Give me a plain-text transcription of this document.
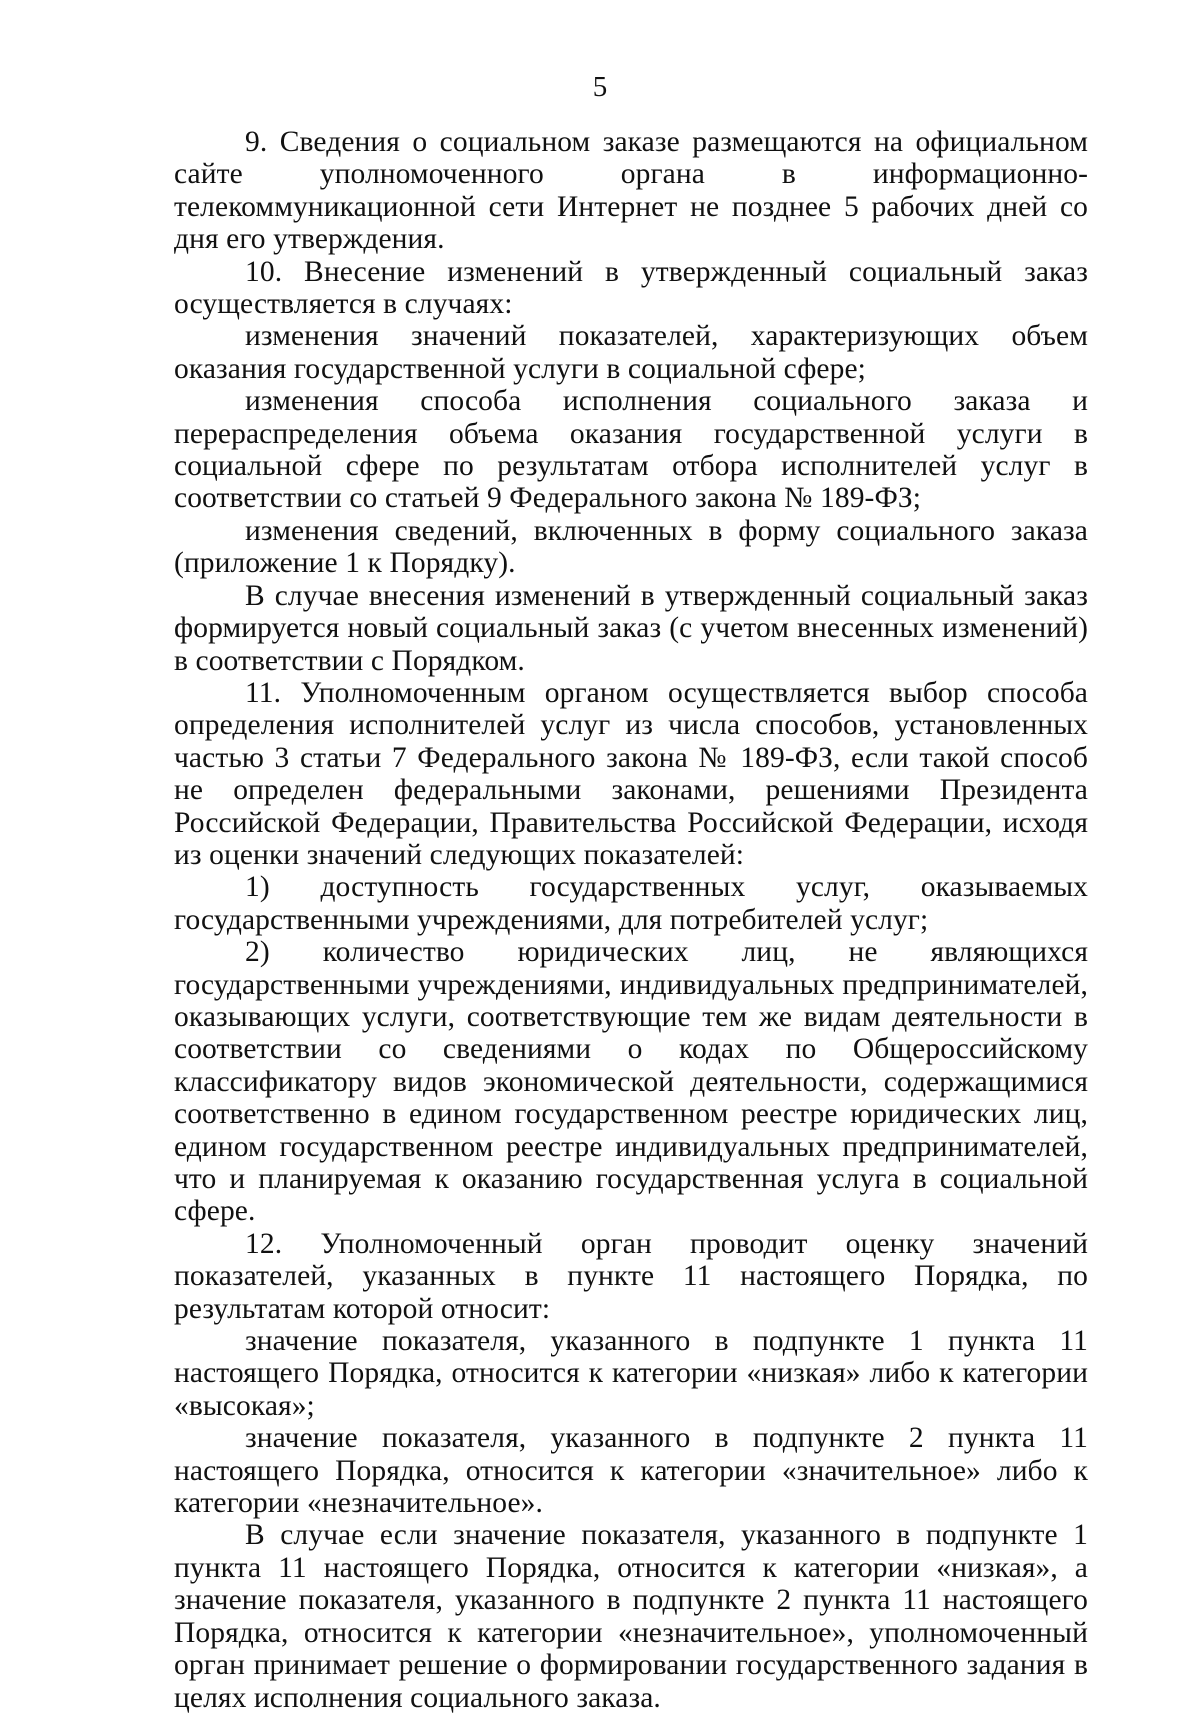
5

9. Сведения о социальном заказе размещаются на официальном сайте уполномоченного органа в информационно-телекоммуникационной сети Интернет не позднее 5 рабочих дней со дня его утверждения.

10. Внесение изменений в утвержденный социальный заказ осуществляется в случаях:

изменения значений показателей, характеризующих объем оказания государственной услуги в социальной сфере;

изменения способа исполнения социального заказа и перераспределения объема оказания государственной услуги в социальной сфере по результатам отбора исполнителей услуг в соответствии со статьей 9 Федерального закона № 189-ФЗ;

изменения сведений, включенных в форму социального заказа (приложение 1 к Порядку).

В случае внесения изменений в утвержденный социальный заказ формируется новый социальный заказ (с учетом внесенных изменений) в соответствии с Порядком.

11. Уполномоченным органом осуществляется выбор способа определения исполнителей услуг из числа способов, установленных частью 3 статьи 7 Федерального закона № 189-ФЗ, если такой способ не определен федеральными законами, решениями Президента Российской Федерации, Правительства Российской Федерации, исходя из оценки значений следующих показателей:

1) доступность государственных услуг, оказываемых государственными учреждениями, для потребителей услуг;

2) количество юридических лиц, не являющихся государственными учреждениями, индивидуальных предпринимателей, оказывающих услуги, соответствующие тем же видам деятельности в соответствии со сведениями о кодах по Общероссийскому классификатору видов экономической деятельности, содержащимися соответственно в едином государственном реестре юридических лиц, едином государственном реестре индивидуальных предпринимателей, что и планируемая к оказанию государственная услуга в социальной сфере.

12. Уполномоченный орган проводит оценку значений показателей, указанных в пункте 11 настоящего Порядка, по результатам которой относит:

значение показателя, указанного в подпункте 1 пункта 11 настоящего Порядка, относится к категории «низкая» либо к категории «высокая»;

значение показателя, указанного в подпункте 2 пункта 11 настоящего Порядка, относится к категории «значительное» либо к категории «незначительное».

В случае если значение показателя, указанного в подпункте 1 пункта 11 настоящего Порядка, относится к категории «низкая», а значение показателя, указанного в подпункте 2 пункта 11 настоящего Порядка, относится к категории «незначительное», уполномоченный орган принимает решение о формировании государственного задания в целях исполнения социального заказа.
